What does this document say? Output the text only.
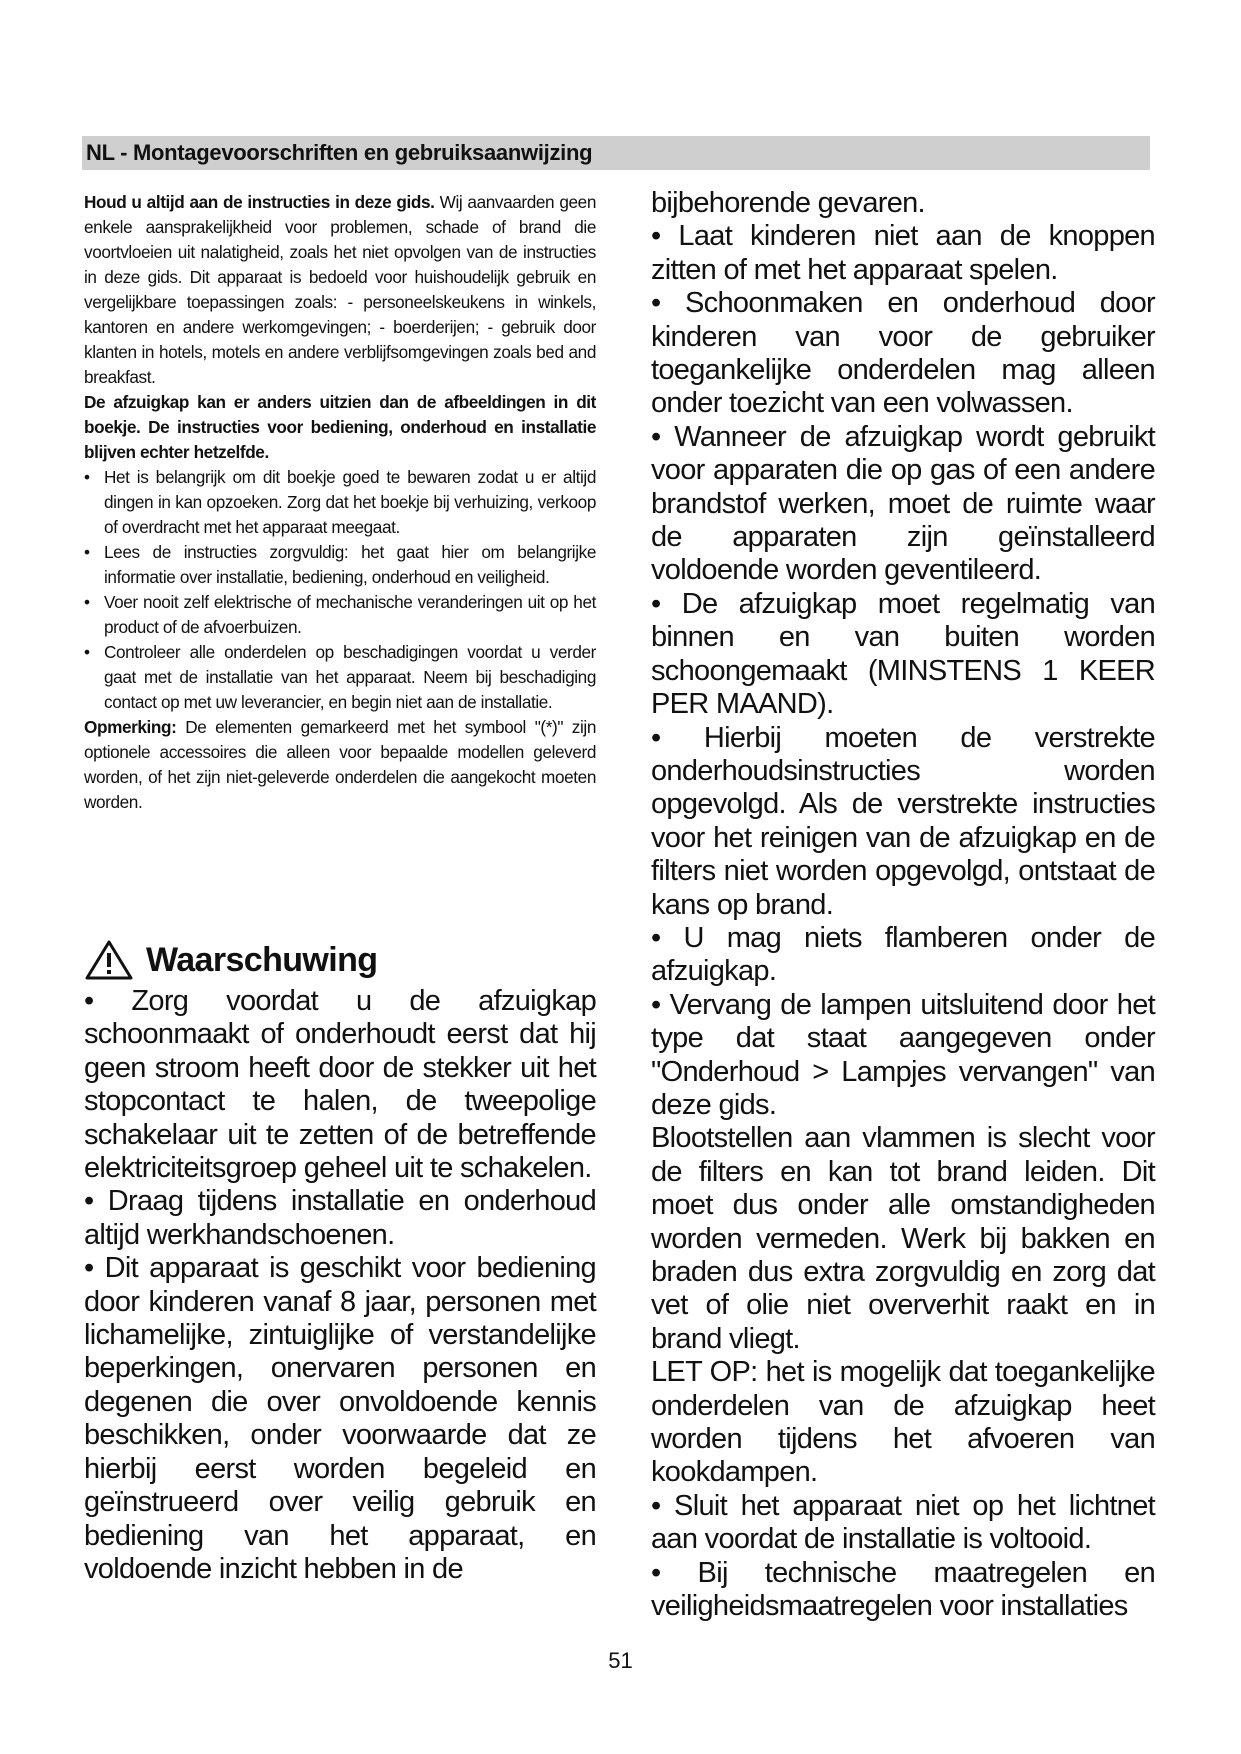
NL - Montagevoorschriften en gebruiksaanwijzing

Houd u altijd aan de instructies in deze gids. Wij aanvaarden geen enkele aansprakelijkheid voor problemen, schade of brand die voortvloeien uit nalatigheid, zoals het niet opvolgen van de instructies in deze gids. Dit apparaat is bedoeld voor huishoudelijk gebruik en vergelijkbare toepassingen zoals: - personeelskeukens in winkels, kantoren en andere werkomgevingen; - boerderijen; - gebruik door klanten in hotels, motels en andere verblijfsomgevingen zoals bed and breakfast.

De afzuigkap kan er anders uitzien dan de afbeeldingen in dit boekje. De instructies voor bediening, onderhoud en installatie blijven echter hetzelfde.

• Het is belangrijk om dit boekje goed te bewaren zodat u er altijd dingen in kan opzoeken. Zorg dat het boekje bij verhuizing, verkoop of overdracht met het apparaat meegaat.
• Lees de instructies zorgvuldig: het gaat hier om belangrijke informatie over installatie, bediening, onderhoud en veiligheid.
• Voer nooit zelf elektrische of mechanische veranderingen uit op het product of de afvoerbuizen.
• Controleer alle onderdelen op beschadigingen voordat u verder gaat met de installatie van het apparaat. Neem bij beschadiging contact op met uw leverancier, en begin niet aan de installatie.

Opmerking: De elementen gemarkeerd met het symbool "(*)" zijn optionele accessoires die alleen voor bepaalde modellen geleverd worden, of het zijn niet-geleverde onderdelen die aangekocht moeten worden.

Waarschuwing

• Zorg voordat u de afzuigkap schoonmaakt of onderhoudt eerst dat hij geen stroom heeft door de stekker uit het stopcontact te halen, de tweepolige schakelaar uit te zetten of de betreffende elektriciteitsgroep geheel uit te schakelen.

• Draag tijdens installatie en onderhoud altijd werkhandschoenen.

• Dit apparaat is geschikt voor bediening door kinderen vanaf 8 jaar, personen met lichamelijke, zintuiglijke of verstandelijke beperkingen, onervaren personen en degenen die over onvoldoende kennis beschikken, onder voorwaarde dat ze hierbij eerst worden begeleid en geïnstrueerd over veilig gebruik en bediening van het apparaat, en voldoende inzicht hebben in de

bijbehorende gevaren.

• Laat kinderen niet aan de knoppen zitten of met het apparaat spelen.

• Schoonmaken en onderhoud door kinderen van voor de gebruiker toegankelijke onderdelen mag alleen onder toezicht van een volwassen.

• Wanneer de afzuigkap wordt gebruikt voor apparaten die op gas of een andere brandstof werken, moet de ruimte waar de apparaten zijn geïnstalleerd voldoende worden geventileerd.

• De afzuigkap moet regelmatig van binnen en van buiten worden schoongemaakt (MINSTENS 1 KEER PER MAAND).

• Hierbij moeten de verstrekte onderhoudsinstructies worden opgevolgd. Als de verstrekte instructies voor het reinigen van de afzuigkap en de filters niet worden opgevolgd, ontstaat de kans op brand.

• U mag niets flamberen onder de afzuigkap.

• Vervang de lampen uitsluitend door het type dat staat aangegeven onder "Onderhoud > Lampjes vervangen" van deze gids.

Blootstellen aan vlammen is slecht voor de filters en kan tot brand leiden. Dit moet dus onder alle omstandigheden worden vermeden. Werk bij bakken en braden dus extra zorgvuldig en zorg dat vet of olie niet oververhit raakt en in brand vliegt.

LET OP: het is mogelijk dat toegankelijke onderdelen van de afzuigkap heet worden tijdens het afvoeren van kookdampen.

• Sluit het apparaat niet op het lichtnet aan voordat de installatie is voltooid.

• Bij technische maatregelen en veiligheidsmaatregelen voor installaties

51
